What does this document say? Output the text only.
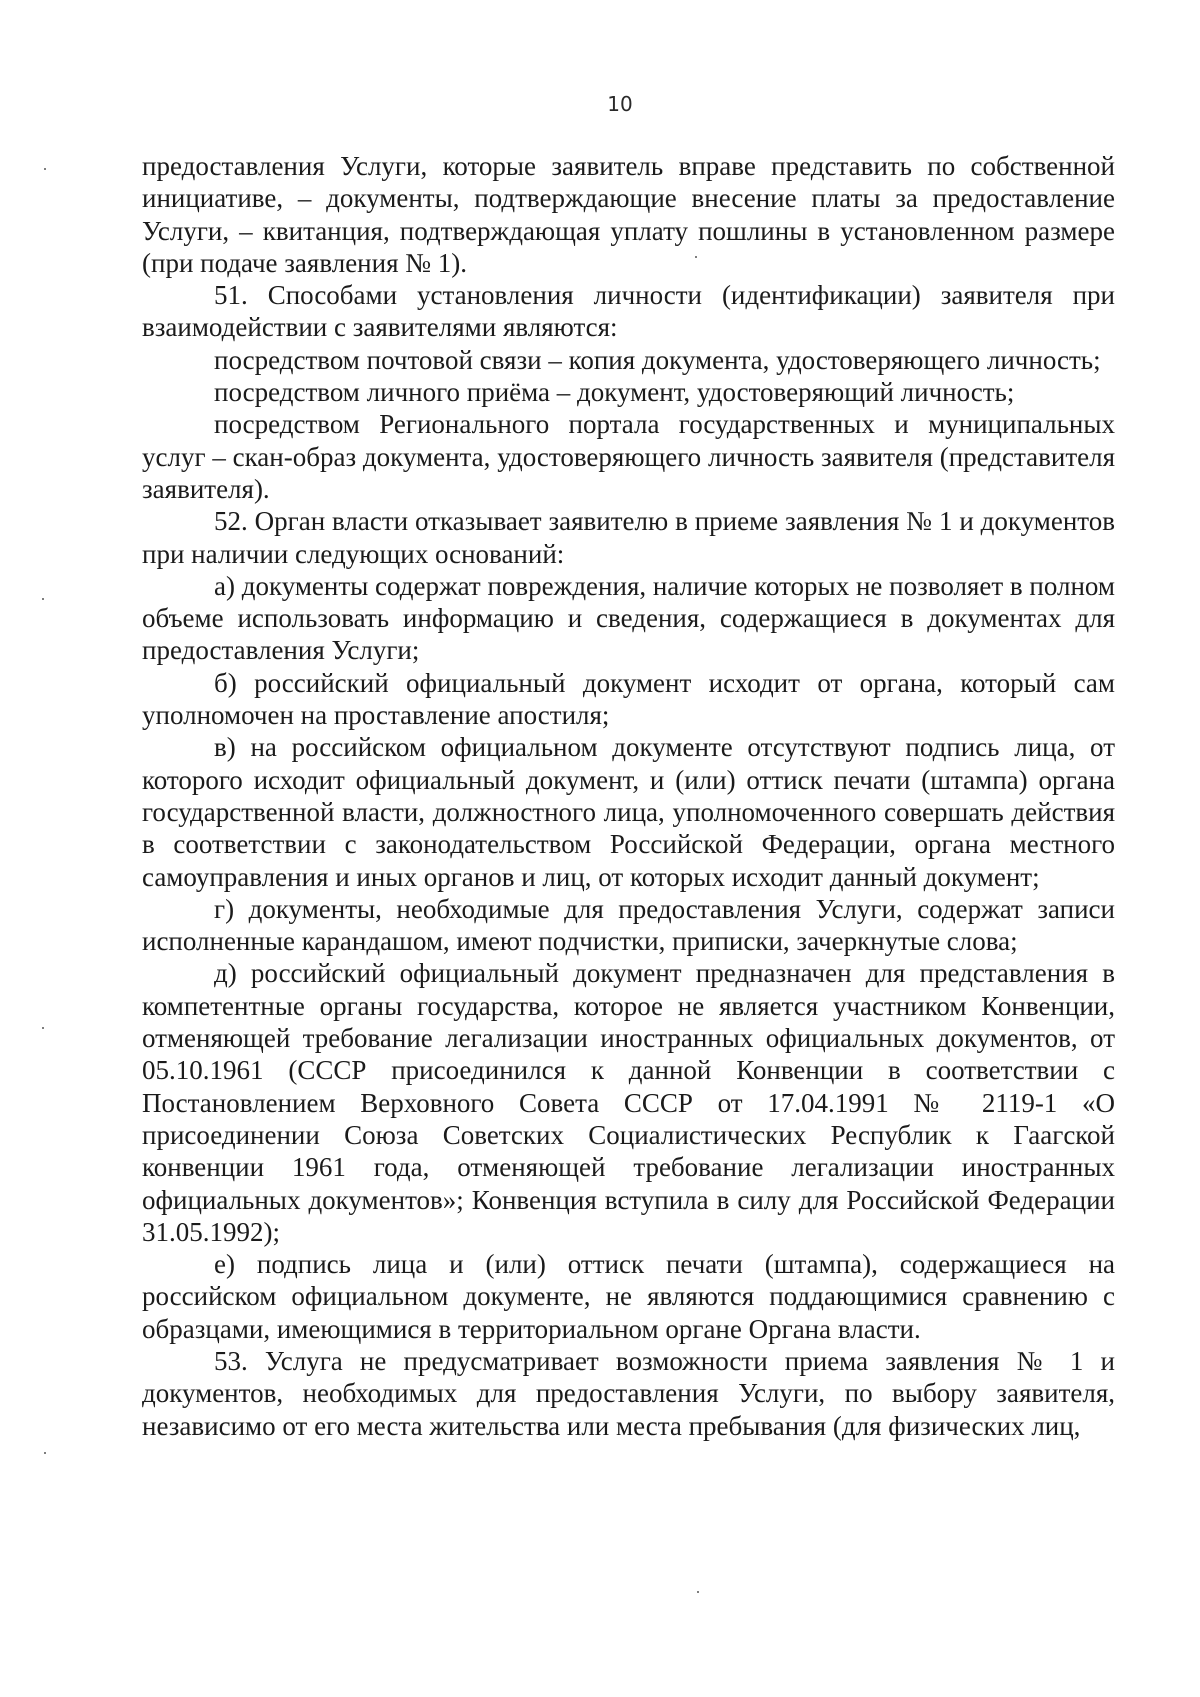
10

предоставления Услуги, которые заявитель вправе представить по собственной инициативе, – документы, подтверждающие внесение платы за предоставление Услуги, – квитанция, подтверждающая уплату пошлины в установленном размере (при подаче заявления № 1).

51. Способами установления личности (идентификации) заявителя при взаимодействии с заявителями являются:

посредством почтовой связи – копия документа, удостоверяющего личность;

посредством личного приёма – документ, удостоверяющий личность;

посредством Регионального портала государственных и муниципальных услуг – скан-образ документа, удостоверяющего личность заявителя (представителя заявителя).

52. Орган власти отказывает заявителю в приеме заявления № 1 и документов при наличии следующих оснований:

а) документы содержат повреждения, наличие которых не позволяет в полном объеме использовать информацию и сведения, содержащиеся в документах для предоставления Услуги;

б) российский официальный документ исходит от органа, который сам уполномочен на проставление апостиля;

в) на российском официальном документе отсутствуют подпись лица, от которого исходит официальный документ, и (или) оттиск печати (штампа) органа государственной власти, должностного лица, уполномоченного совершать действия в соответствии с законодательством Российской Федерации, органа местного самоуправления и иных органов и лиц, от которых исходит данный документ;

г) документы, необходимые для предоставления Услуги, содержат записи исполненные карандашом, имеют подчистки, приписки, зачеркнутые слова;

д) российский официальный документ предназначен для представления в компетентные органы государства, которое не является участником Конвенции, отменяющей требование легализации иностранных официальных документов, от 05.10.1961 (СССР присоединился к данной Конвенции в соответствии с Постановлением Верховного Совета СССР от 17.04.1991 № 2119-1 «О присоединении Союза Советских Социалистических Республик к Гаагской конвенции 1961 года, отменяющей требование легализации иностранных официальных документов»; Конвенция вступила в силу для Российской Федерации 31.05.1992);

е) подпись лица и (или) оттиск печати (штампа), содержащиеся на российском официальном документе, не являются поддающимися сравнению с образцами, имеющимися в территориальном органе Органа власти.

53. Услуга не предусматривает возможности приема заявления № 1 и документов, необходимых для предоставления Услуги, по выбору заявителя, независимо от его места жительства или места пребывания (для физических лиц,
